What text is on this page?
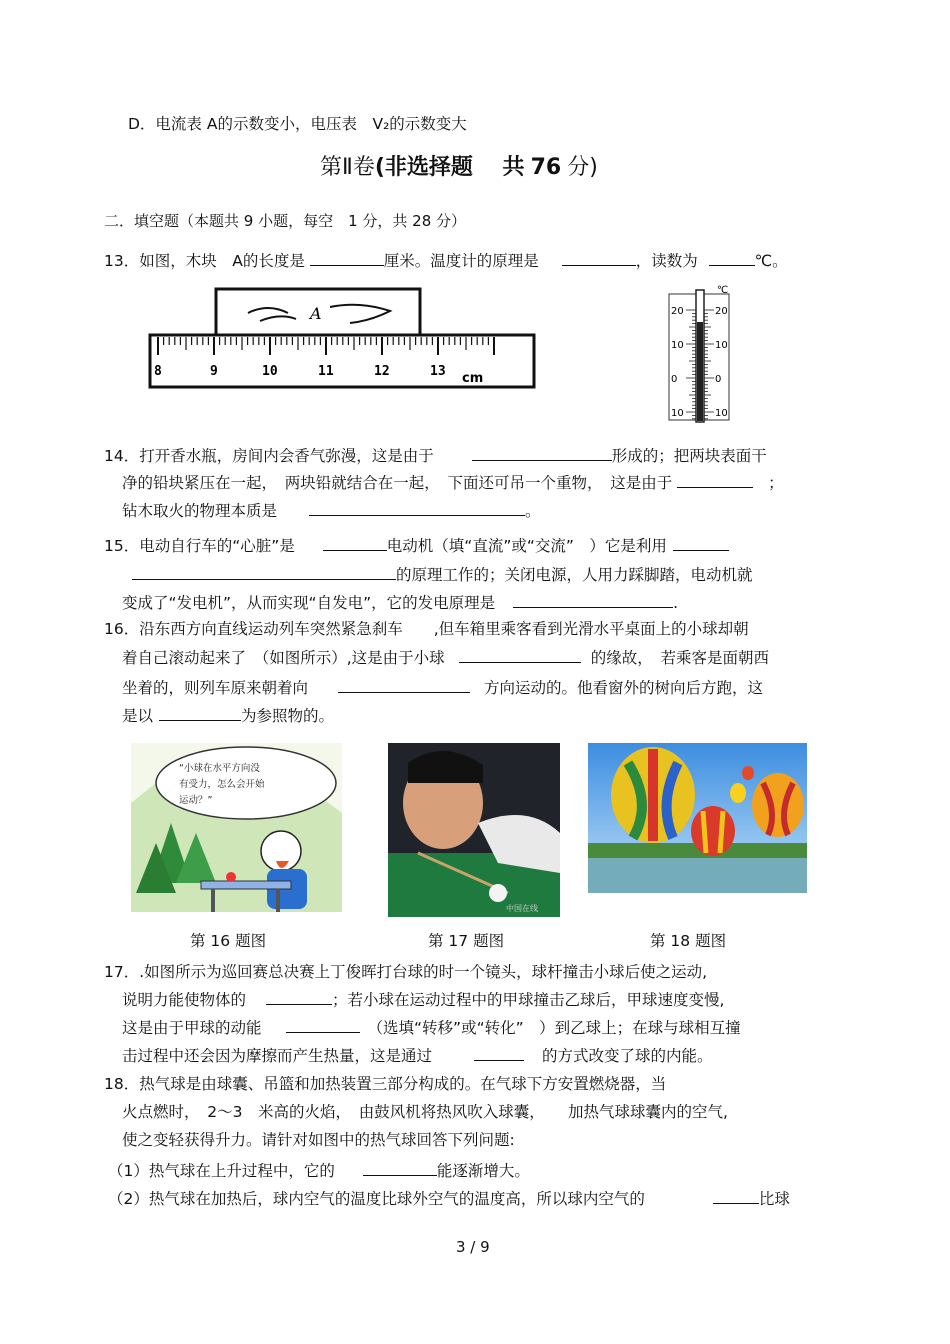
D．电流表 A的示数变小，电压表　V₂的示数变大
第Ⅱ卷(非选择题　 共 76 分)
二．填空题（本题共 9 小题，每空　1 分，共 28 分）
13．如图，木块　A的长度是	厘米。温度计的原理是	，读数为	℃。
A
8	9	10	11	12	13 cm
℃
20	20
10	10
0	0
10	10
14．打开香水瓶，房间内会香气弥漫，这是由于	形成的；把两块表面干
净的铅块紧压在一起，　两块铅就结合在一起，　下面还可吊一个重物，　这是由于	；
钻木取火的物理本质是	。
15．电动自行车的“心脏”是	电动机（填“直流”或“交流”　）它是利用
的原理工作的；关闭电源，人用力踩脚踏，电动机就
变成了“发电机”，从而实现“自发电”，它的发电原理是	.
16．沿东西方向直线运动列车突然紧急刹车　　,但车箱里乘客看到光滑水平桌面上的小球却朝
着自己滚动起来了　（如图所示）,这是由于小球	的缘故，　若乘客是面朝西
坐着的，则列车原来朝着向	方向运动的。他看窗外的树向后方跑，这
是以	为参照物的。
“小球在水平方向没 有受力，怎么会开始 运动？”
中国在线
第 16 题图	第 17 题图	第 18 题图
17．.如图所示为巡回赛总决赛上丁俊晖打台球的时一个镜头，球杆撞击小球后使之运动,
说明力能使物体的	；若小球在运动过程中的甲球撞击乙球后，甲球速度变慢,
这是由于甲球的动能	（选填“转移”或“转化”　）到乙球上；在球与球相互撞
击过程中还会因为摩擦而产生热量，这是通过	的方式改变了球的内能。
18．热气球是由球囊、吊篮和加热装置三部分构成的。在气球下方安置燃烧器，当
火点燃时，　2～3　米高的火焰，　由鼓风机将热风吹入球囊，　　加热气球球囊内的空气,
使之变轻获得升力。请针对如图中的热气球回答下列问题:
（1）热气球在上升过程中，它的	能逐渐增大。
（2）热气球在加热后，球内空气的温度比球外空气的温度高，所以球内空气的	比球
3 / 9
